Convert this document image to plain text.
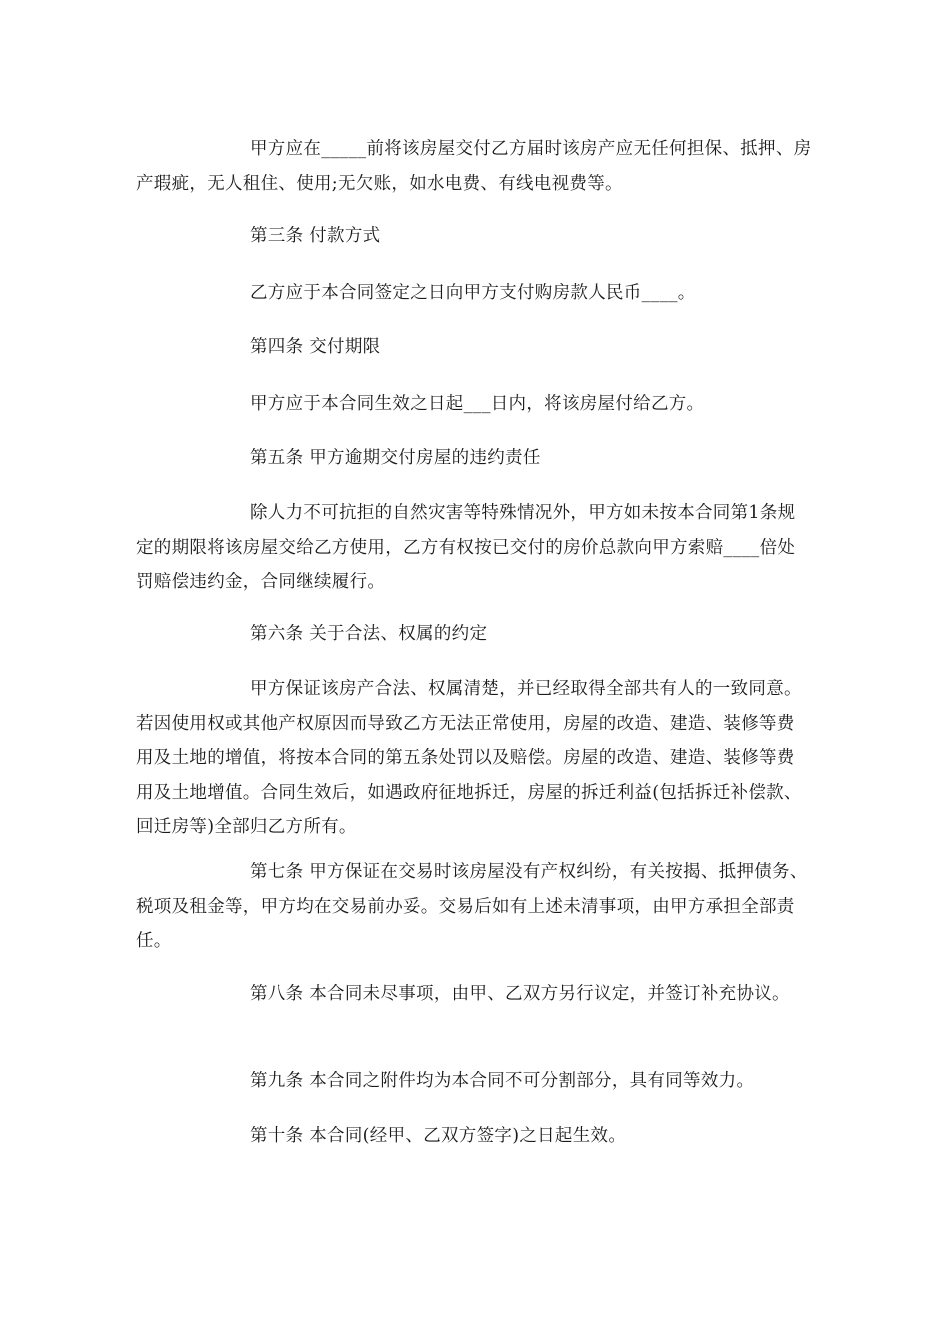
甲方应在_____前将该房屋交付乙方届时该房产应无任何担保、抵押、房产瑕疵，无人租住、使用;无欠账，如水电费、有线电视费等。

第三条 付款方式

乙方应于本合同签定之日向甲方支付购房款人民币____。

第四条 交付期限

甲方应于本合同生效之日起___日内，将该房屋付给乙方。

第五条 甲方逾期交付房屋的违约责任

除人力不可抗拒的自然灾害等特殊情况外，甲方如未按本合同第1条规定的期限将该房屋交给乙方使用，乙方有权按已交付的房价总款向甲方索赔____倍处罚赔偿违约金，合同继续履行。

第六条 关于合法、权属的约定

甲方保证该房产合法、权属清楚，并已经取得全部共有人的一致同意。若因使用权或其他产权原因而导致乙方无法正常使用，房屋的改造、建造、装修等费用及土地的增值，将按本合同的第五条处罚以及赔偿。房屋的改造、建造、装修等费用及土地增值。合同生效后，如遇政府征地拆迁，房屋的拆迁利益(包括拆迁补偿款、回迁房等)全部归乙方所有。

第七条 甲方保证在交易时该房屋没有产权纠纷，有关按揭、抵押债务、税项及租金等，甲方均在交易前办妥。交易后如有上述未清事项，由甲方承担全部责任。

第八条 本合同未尽事项，由甲、乙双方另行议定，并签订补充协议。

第九条 本合同之附件均为本合同不可分割部分，具有同等效力。

第十条 本合同(经甲、乙双方签字)之日起生效。
